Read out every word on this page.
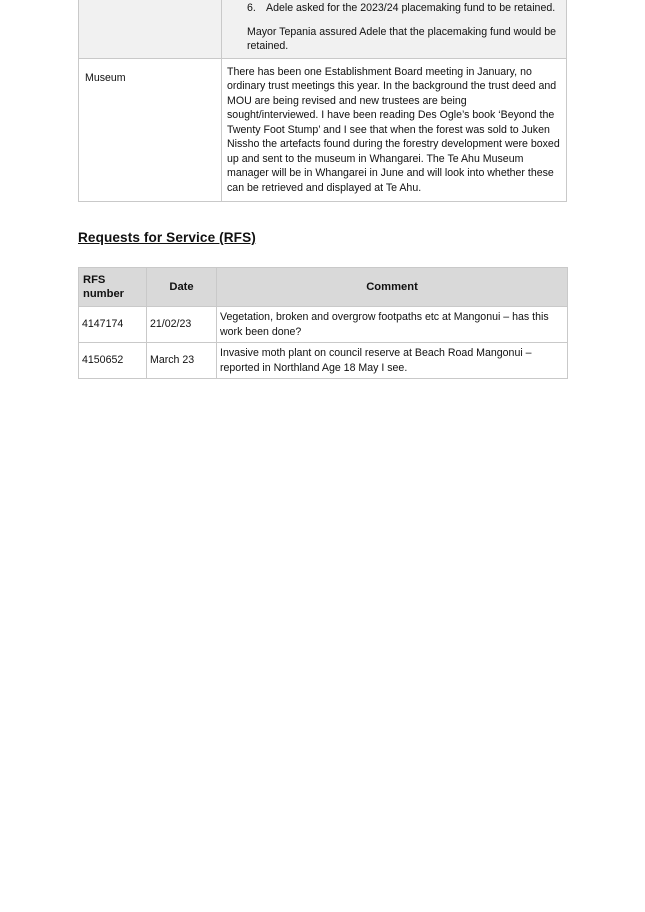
	6. Adele asked for the 2023/24 placemaking fund to be retained.
Mayor Tepania assured Adele that the placemaking fund would be retained.

Museum	There has been one Establishment Board meeting in January, no ordinary trust meetings this year. In the background the trust deed and MOU are being revised and new trustees are being sought/interviewed. I have been reading Des Ogle’s book ‘Beyond the Twenty Foot Stump’ and I see that when the forest was sold to Juken Nissho the artefacts found during the forestry development were boxed up and sent to the museum in Whangarei. The Te Ahu Museum manager will be in Whangarei in June and will look into whether these can be retrieved and displayed at Te Ahu.
Requests for Service (RFS)
RFS number	Date	Comment
4147174	21/02/23	Vegetation, broken and overgrow footpaths etc at Mangonui – has this work been done?
4150652	March 23	Invasive moth plant on council reserve at Beach Road Mangonui – reported in Northland Age 18 May I see.
